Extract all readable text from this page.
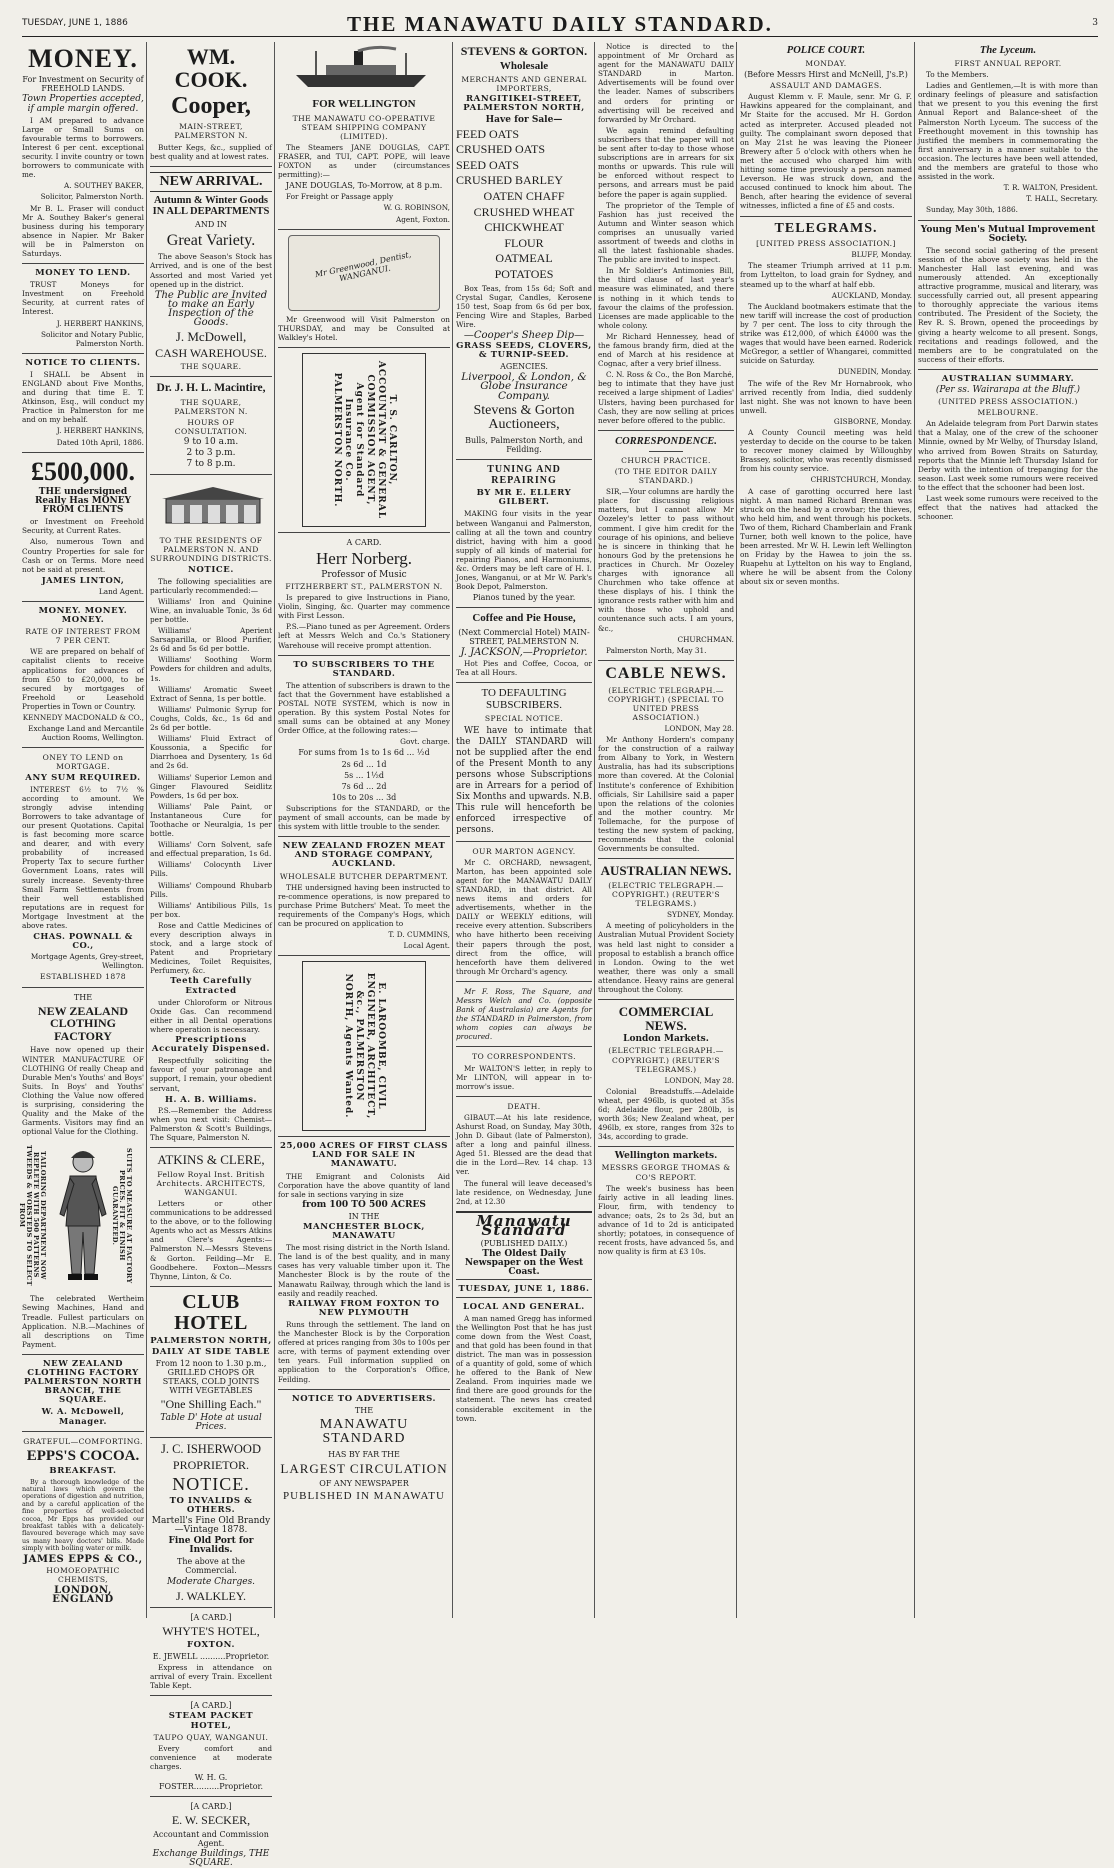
TUESDAY, JUNE 1, 1886	THE MANAWATU DAILY STANDARD.	3
MONEY.
For Investment on Security of FREEHOLD LANDS.
Town Properties accepted, if ample margin offered.

I AM prepared to advance Large or Small Sums on favourable terms to borrowers. Interest 6 per cent. exceptional security. I invite country or town borrowers to communicate with me.

A. SOUTHEY BAKER,
Solicitor, Palmerston North.

Mr B. L. Fraser will conduct Mr A. Southey Baker's general business during his temporary absence in Napier. Mr Baker will be in Palmerston on Saturdays.

MONEY TO LEND.

TRUST Moneys for Investment on Freehold Security, at current rates of Interest.

J. HERBERT HANKINS,
Solicitor and Notary Public, Palmerston North.
NOTICE TO CLIENTS.

I SHALL be Absent in ENGLAND about Five Months, and during that time E. T. Atkinson, Esq., will conduct my Practice in Palmerston for me and on my behalf.

J. HERBERT HANKINS,
Dated 10th April, 1886.
£500,000.
THE undersigned Really Has MONEY FROM CLIENTS

or Investment on Freehold Security, at Current Rates.

Also, numerous Town and Country Properties for sale for Cash or on Terms. More need not be said at present.

JAMES LINTON,
Land Agent.
MONEY. MONEY. MONEY.
RATE OF INTEREST FROM 7 PER CENT.

WE are prepared on behalf of capitalist clients to receive applications for advances of from £50 to £20,000, to be secured by mortgages of Freehold or Leasehold Properties in Town or Country.

KENNEDY MACDONALD & CO.,
Exchange Land and Mercantile Auction Rooms, Wellington.
ONEY TO LEND on MORTGAGE.
ANY SUM REQUIRED.

INTEREST 6½ to 7½ % according to amount. We strongly advise intending Borrowers to take advantage of our present Quotations. Capital is fast becoming more scarce and dearer, and with every probability of increased Property Tax to secure further Government Loans, rates will surely increase. Seventy-three Small Farm Settlements from their well established reputations are in request for Mortgage Investment at the above rates.

CHAS. POWNALL & CO.,
Mortgage Agents, Grey-street, Wellington.
ESTABLISHED 1878
THE
NEW ZEALAND CLOTHING FACTORY

Have now opened up their WINTER MANUFACTURE OF CLOTHING Of really Cheap and Durable Men's Youths' and Boys' Suits. In Boys' and Youths' Clothing the Value now offered is surprising, considering the Quality and the Make of the Garments. Visitors may find an optional Value for the Clothing.

TAILORING DEPARTMENT NOW REPLETE WITH 500 PATTERNS TWEEDS & WORSTEDS TO SELECT FROM	SUITS TO MEASURE AT FACTORY PRICES. FIT & FINISH GUARANTEED.

The celebrated Wertheim Sewing Machines, Hand and Treadle. Fullest particulars on Application. N.B.—Machines of all descriptions on Time Payment.

NEW ZEALAND CLOTHING FACTORY PALMERSTON NORTH BRANCH, THE SQUARE.
W. A. McDowell, Manager.
GRATEFUL—COMFORTING.
EPPS'S COCOA.
BREAKFAST.

By a thorough knowledge of the natural laws which govern the operations of digestion and nutrition, and by a careful application of the fine properties of well-selected cocoa, Mr Epps has provided our breakfast tables with a delicately-flavoured beverage which may save us many heavy doctors' bills. Made simply with boiling water or milk.

JAMES EPPS & CO.,
HOMOEOPATHIC CHEMISTS,
LONDON, ENGLAND
WM. COOK.
Cooper,
MAIN-STREET, PALMERSTON N.

Butter Kegs, &c., supplied of best quality and at lowest rates.

NEW ARRIVAL.
Autumn & Winter Goods IN ALL DEPARTMENTS
AND IN
Great Variety.

The above Season's Stock has Arrived, and is one of the best Assorted and most Varied yet opened up in the district.

The Public are Invited to make an Early Inspection of the Goods.
J. McDowell,
CASH WAREHOUSE.
THE SQUARE.
Dr. J. H. L. Macintire,
THE SQUARE, PALMERSTON N.
HOURS OF CONSULTATION.
9 to 10 a.m.
2 to 3 p.m.
7 to 8 p.m.
TO THE RESIDENTS OF PALMERSTON N. AND SURROUNDING DISTRICTS.
NOTICE.

The following specialities are particularly recommended:—

Williams' Iron and Quinine Wine, an invaluable Tonic, 3s 6d per bottle.

Williams' Aperient Sarsaparilla, or Blood Purifier, 2s 6d and 5s 6d per bottle.

Williams' Soothing Worm Powders for children and adults, 1s.

Williams' Aromatic Sweet Extract of Senna, 1s per bottle.

Williams' Pulmonic Syrup for Coughs, Colds, &c., 1s 6d and 2s 6d per bottle.

Williams' Fluid Extract of Koussonia, a Specific for Diarrhoea and Dysentery, 1s 6d and 2s 6d.

Williams' Superior Lemon and Ginger Flavoured Seidlitz Powders, 1s 6d per box.

Williams' Pale Paint, or Instantaneous Cure for Toothache or Neuralgia, 1s per bottle.

Williams' Corn Solvent, safe and effectual preparation, 1s 6d.

Williams' Colocynth Liver Pills.

Williams' Compound Rhubarb Pills.

Williams' Antibilious Pills, 1s per box.

Rose and Cattle Medicines of every description always in stock, and a large stock of Patent and Proprietary Medicines, Toilet Requisites, Perfumery, &c.

Teeth Carefully Extracted

under Chloroform or Nitrous Oxide Gas. Can recommend either in all Dental operations where operation is necessary.

Prescriptions Accurately Dispensed.

Respectfully soliciting the favour of your patronage and support, I remain, your obedient servant,

H. A. B. Williams.

P.S.—Remember the Address when you next visit: Chemist—Palmerston & Scott's Buildings, The Square, Palmerston N.

ATKINS & CLERE,
Fellow Royal Inst. British Architects. ARCHITECTS, WANGANUI.

Letters or other communications to be addressed to the above, or to the following Agents who act as Messrs Atkins and Clere's Agents:— Palmerston N.—Messrs Stevens & Gorton. Feilding—Mr E. Goodbehere. Foxton—Messrs Thynne, Linton, & Co.

CLUB HOTEL
PALMERSTON NORTH,
DAILY AT SIDE TABLE
From 12 noon to 1.30 p.m., GRILLED CHOPS OR STEAKS, COLD JOINTS WITH VEGETABLES
"One Shilling Each."
Table D' Hote at usual Prices.
J. C. ISHERWOOD
PROPRIETOR.
NOTICE.
TO INVALIDS & OTHERS.
Martell's Fine Old Brandy—Vintage 1878.
Fine Old Port for Invalids.
The above at the Commercial.
Moderate Charges.
J. WALKLEY.
[A CARD.]
WHYTE'S HOTEL,
FOXTON.
E. JEWELL ..........Proprietor.

Express in attendance on arrival of every Train. Excellent Table Kept.

[A CARD.]
STEAM PACKET HOTEL,
TAUPO QUAY, WANGANUI.

Every comfort and convenience at moderate charges.

W. H. G. FOSTER..........Proprietor.
[A CARD.]
E. W. SECKER,
Accountant and Commission Agent.
Exchange Buildings, THE SQUARE.
FOR WELLINGTON
THE MANAWATU CO-OPERATIVE STEAM SHIPPING COMPANY (LIMITED).

The Steamers JANE DOUGLAS, CAPT. FRASER, and TUI, CAPT. POPE, will leave FOXTON as under (circumstances permitting):—

JANE DOUGLAS, To-Morrow, at 8 p.m.

For Freight or Passage apply

W. G. ROBINSON,
Agent, Foxton.
Mr Greenwood, Dentist, WANGANUI.

Mr Greenwood will Visit Palmerston on THURSDAY, and may be Consulted at Walkley's Hotel.

T. S. CARLTON, ACCOUNTANT & GENERAL COMMISSION AGENT, Agent for Standard Insurance Co. PALMERSTON NORTH.
A CARD.
Herr Norberg.
Professor of Music
FITZHERBERT ST., PALMERSTON N.

Is prepared to give Instructions in Piano, Violin, Singing, &c. Quarter may commence with First Lesson.

P.S.—Piano tuned as per Agreement. Orders left at Messrs Welch and Co.'s Stationery Warehouse will receive prompt attention.

TO SUBSCRIBERS TO THE STANDARD.

The attention of subscribers is drawn to the fact that the Government have established a POSTAL NOTE SYSTEM, which is now in operation. By this system Postal Notes for small sums can be obtained at any Money Order Office, at the following rates:—

Govt. charge.
For sums from 1s to 1s 6d ... ½d
2s 6d ... 1d
5s ... 1½d
7s 6d ... 2d
10s to 20s ... 3d

Subscriptions for the STANDARD, or the payment of small accounts, can be made by this system with little trouble to the sender.

NEW ZEALAND FROZEN MEAT AND STORAGE COMPANY, AUCKLAND.
WHOLESALE BUTCHER DEPARTMENT.

THE undersigned having been instructed to re-commence operations, is now prepared to purchase Prime Butchers' Meat. To meet the requirements of the Company's Hogs, which can be procured on application to

T. D. CUMMINS,
Local Agent.
E. LAROOMBE, CIVIL ENGINEER, ARCHITECT, &c., PALMERSTON NORTH, Agents Wanted.
25,000 ACRES OF FIRST CLASS LAND FOR SALE IN MANAWATU.

THE Emigrant and Colonists Aid Corporation have the above quantity of land for sale in sections varying in size

from 100 TO 500 ACRES
IN THE
MANCHESTER BLOCK, MANAWATU

The most rising district in the North Island. The land is of the best quality, and in many cases has very valuable timber upon it. The Manchester Block is by the route of the Manawatu Railway, through which the land is easily and readily reached.

RAILWAY FROM FOXTON TO NEW PLYMOUTH

Runs through the settlement. The land on the Manchester Block is by the Corporation offered at prices ranging from 30s to 100s per acre, with terms of payment extending over ten years. Full information supplied on application to the Corporation's Office, Feilding.

NOTICE TO ADVERTISERS.
THE
MANAWATU STANDARD
HAS BY FAR THE
LARGEST CIRCULATION
OF ANY NEWSPAPER
PUBLISHED IN MANAWATU
STEVENS & GORTON.
Wholesale
MERCHANTS AND GENERAL IMPORTERS,
RANGITIKEI-STREET, PALMERSTON NORTH,
Have for Sale—
FEED OATS
CRUSHED OATS
SEED OATS
CRUSHED BARLEY
OATEN CHAFF
CRUSHED WHEAT
CHICKWHEAT
FLOUR
OATMEAL
POTATOES

Box Teas, from 15s 6d; Soft and Crystal Sugar, Candles, Kerosene 150 test, Soap from 6s 6d per box, Fencing Wire and Staples, Barbed Wire.

—Cooper's Sheep Dip—
GRASS SEEDS, CLOVERS, & TURNIP-SEED.
AGENCIES.
Liverpool, & London, & Globe Insurance Company.
Stevens & Gorton Auctioneers,
Bulls, Palmerston North, and Feilding.
TUNING AND REPAIRING
BY MR E. ELLERY GILBERT.

MAKING four visits in the year between Wanganui and Palmerston, calling at all the town and country district, having with him a good supply of all kinds of material for repairing Pianos, and Harmoniums, &c. Orders may be left care of H. I. Jones, Wanganui, or at Mr W. Park's Book Depot, Palmerston.

Pianos tuned by the year.
Coffee and Pie House,
(Next Commercial Hotel) MAIN-STREET, PALMERSTON N.
J. JACKSON,—Proprietor.

Hot Pies and Coffee, Cocoa, or Tea at all Hours.

TO DEFAULTING SUBSCRIBERS.
SPECIAL NOTICE.

WE have to intimate that the DAILY STANDARD will not be supplied after the end of the Present Month to any persons whose Subscriptions are in Arrears for a period of Six Months and upwards. N.B. This rule will henceforth be enforced irrespective of persons.

OUR MARTON AGENCY.

Mr C. ORCHARD, newsagent, Marton, has been appointed sole agent for the MANAWATU DAILY STANDARD, in that district. All news items and orders for advertisements, whether in the DAILY or WEEKLY editions, will receive every attention. Subscribers who have hitherto been receiving their papers through the post, direct from the office, will henceforth have them delivered through Mr Orchard's agency.

Mr F. Ross, The Square, and Messrs Welch and Co. (opposite Bank of Australasia) are Agents for the STANDARD in Palmerston, from whom copies can always be procured.

TO CORRESPONDENTS.

Mr WALTON'S letter, in reply to Mr LINTON, will appear in to-morrow's issue.

DEATH.

GIBAUT.—At his late residence, Ashurst Road, on Sunday, May 30th, John D. Gibaut (late of Palmerston), after a long and painful illness. Aged 51. Blessed are the dead that die in the Lord—Rev. 14 chap. 13 ver.

The funeral will leave deceased's late residence, on Wednesday, June 2nd, at 12.30

Manawatu Standard
(PUBLISHED DAILY.)
The Oldest Daily Newspaper on the West Coast.
TUESDAY, JUNE 1, 1886.
LOCAL AND GENERAL.

A man named Gregg has informed the Wellington Post that he has just come down from the West Coast, and that gold has been found in that district. The man was in possession of a quantity of gold, some of which he offered to the Bank of New Zealand. From inquiries made we find there are good grounds for the statement. The news has created considerable excitement in the town.

Notice is directed to the appointment of Mr Orchard as agent for the MANAWATU DAILY STANDARD in Marton. Advertisements will be found over the leader. Names of subscribers and orders for printing or advertising will be received and forwarded by Mr Orchard.

We again remind defaulting subscribers that the paper will not be sent after to-day to those whose subscriptions are in arrears for six months or upwards. This rule will be enforced without respect to persons, and arrears must be paid before the paper is again supplied.

The proprietor of the Temple of Fashion has just received the Autumn and Winter season which comprises an unusually varied assortment of tweeds and cloths in all the latest fashionable shades. The public are invited to inspect.

In Mr Soldier's Antimonies Bill, the third clause of last year's measure was eliminated, and there is nothing in it which tends to favour the claims of the profession. Licenses are made applicable to the whole colony.

Mr Richard Hennessey, head of the famous brandy firm, died at the end of March at his residence at Cognac, after a very brief illness.

C. N. Ross & Co., the Bon Marché, beg to intimate that they have just received a large shipment of Ladies' Ulsters, having been purchased for Cash, they are now selling at prices never before offered to the public.

CORRESPONDENCE.
CHURCH PRACTICE.
(TO THE EDITOR DAILY STANDARD.)

SIR,—Your columns are hardly the place for discussing religious matters, but I cannot allow Mr Oozeley's letter to pass without comment. I give him credit for the courage of his opinions, and believe he is sincere in thinking that he honours God by the pretensions he practices in Church. Mr Oozeley charges with ignorance all Churchmen who take offence at these displays of his. I think the ignorance rests rather with him and with those who uphold and countenance such acts. I am yours, &c.,

CHURCHMAN.

Palmerston North, May 31.

CABLE NEWS.
(ELECTRIC TELEGRAPH.—COPYRIGHT.) (SPECIAL TO UNITED PRESS ASSOCIATION.)
LONDON, May 28.

Mr Anthony Hordern's company for the construction of a railway from Albany to York, in Western Australia, has had its subscriptions more than covered. At the Colonial Institute's conference of Exhibition officials, Sir Lahillsire said a paper upon the relations of the colonies and the mother country. Mr Tollemache, for the purpose of testing the new system of packing, recommends that the colonial Governments be consulted.

AUSTRALIAN NEWS.
(ELECTRIC TELEGRAPH.—COPYRIGHT.) (REUTER'S TELEGRAMS.)
SYDNEY, Monday.

A meeting of policyholders in the Australian Mutual Provident Society was held last night to consider a proposal to establish a branch office in London. Owing to the wet weather, there was only a small attendance. Heavy rains are general throughout the Colony.

COMMERCIAL NEWS.
London Markets.
(ELECTRIC TELEGRAPH.—COPYRIGHT.) (REUTER'S TELEGRAMS.)
LONDON, May 28.

Colonial Breadstuffs.—Adelaide wheat, per 496lb, is quoted at 35s 6d; Adelaide flour, per 280lb, is worth 36s; New Zealand wheat, per 496lb, ex store, ranges from 32s to 34s, according to grade.

Wellington markets.
MESSRS GEORGE THOMAS & CO'S REPORT.

The week's business has been fairly active in all leading lines. Flour, firm, with tendency to advance; oats, 2s to 2s 3d, but an advance of 1d to 2d is anticipated shortly; potatoes, in consequence of recent frosts, have advanced 5s, and now quality is firm at £3 10s.

POLICE COURT.
MONDAY.
(Before Messrs Hirst and McNeill, J's.P.)
ASSAULT AND DAMAGES.

August Klemm v. F. Maule, senr. Mr G. F. Hawkins appeared for the complainant, and Mr Staite for the accused. Mr H. Gordon acted as interpreter. Accused pleaded not guilty. The complainant sworn deposed that on May 21st he was leaving the Pioneer Brewery after 5 o'clock with others when he met the accused who charged him with hitting some time previously a person named Leverson. He was struck down, and the accused continued to knock him about. The Bench, after hearing the evidence of several witnesses, inflicted a fine of £5 and costs.

TELEGRAMS.
[UNITED PRESS ASSOCIATION.]
BLUFF, Monday.

The steamer Triumph arrived at 11 p.m. from Lyttelton, to load grain for Sydney, and steamed up to the wharf at half ebb.

AUCKLAND, Monday.

The Auckland bootmakers estimate that the new tariff will increase the cost of production by 7 per cent. The loss to city through the strike was £12,000, of which £4000 was the wages that would have been earned. Roderick McGregor, a settler of Whangarei, committed suicide on Saturday.

DUNEDIN, Monday.

The wife of the Rev Mr Hornabrook, who arrived recently from India, died suddenly last night. She was not known to have been unwell.

GISBORNE, Monday.

A County Council meeting was held yesterday to decide on the course to be taken to recover money claimed by Willoughby Brassey, solicitor, who was recently dismissed from his county service.

CHRISTCHURCH, Monday.

A case of garotting occurred here last night. A man named Richard Brennan was struck on the head by a crowbar; the thieves, who held him, and went through his pockets. Two of them, Richard Chamberlain and Frank Turner, both well known to the police, have been arrested. Mr W. H. Lewin left Wellington on Friday by the Hawea to join the ss. Ruapehu at Lyttelton on his way to England, where he will be absent from the Colony about six or seven months.

The Lyceum.
FIRST ANNUAL REPORT.

To the Members.

Ladies and Gentlemen,—It is with more than ordinary feelings of pleasure and satisfaction that we present to you this evening the first Annual Report and Balance-sheet of the Palmerston North Lyceum. The success of the Freethought movement in this township has justified the members in commemorating the first anniversary in a manner suitable to the occasion. The lectures have been well attended, and the members are grateful to those who assisted in the work.

T. R. WALTON, President.
T. HALL, Secretary.

Sunday, May 30th, 1886.

Young Men's Mutual Improvement Society.

The second social gathering of the present session of the above society was held in the Manchester Hall last evening, and was numerously attended. An exceptionally attractive programme, musical and literary, was successfully carried out, all present appearing to thoroughly appreciate the various items contributed. The President of the Society, the Rev R. S. Brown, opened the proceedings by giving a hearty welcome to all present. Songs, recitations and readings followed, and the members are to be congratulated on the success of their efforts.

AUSTRALIAN SUMMARY.
(Per ss. Wairarapa at the Bluff.)
(UNITED PRESS ASSOCIATION.)
MELBOURNE.

An Adelaide telegram from Port Darwin states that a Malay, one of the crew of the schooner Minnie, owned by Mr Welby, of Thursday Island, who arrived from Bowen Straits on Saturday, reports that the Minnie left Thursday Island for Derby with the intention of trepanging for the season. Last week some rumours were received to the effect that the schooner had been lost.

Last week some rumours were received to the effect that the natives had attacked the schooner.
